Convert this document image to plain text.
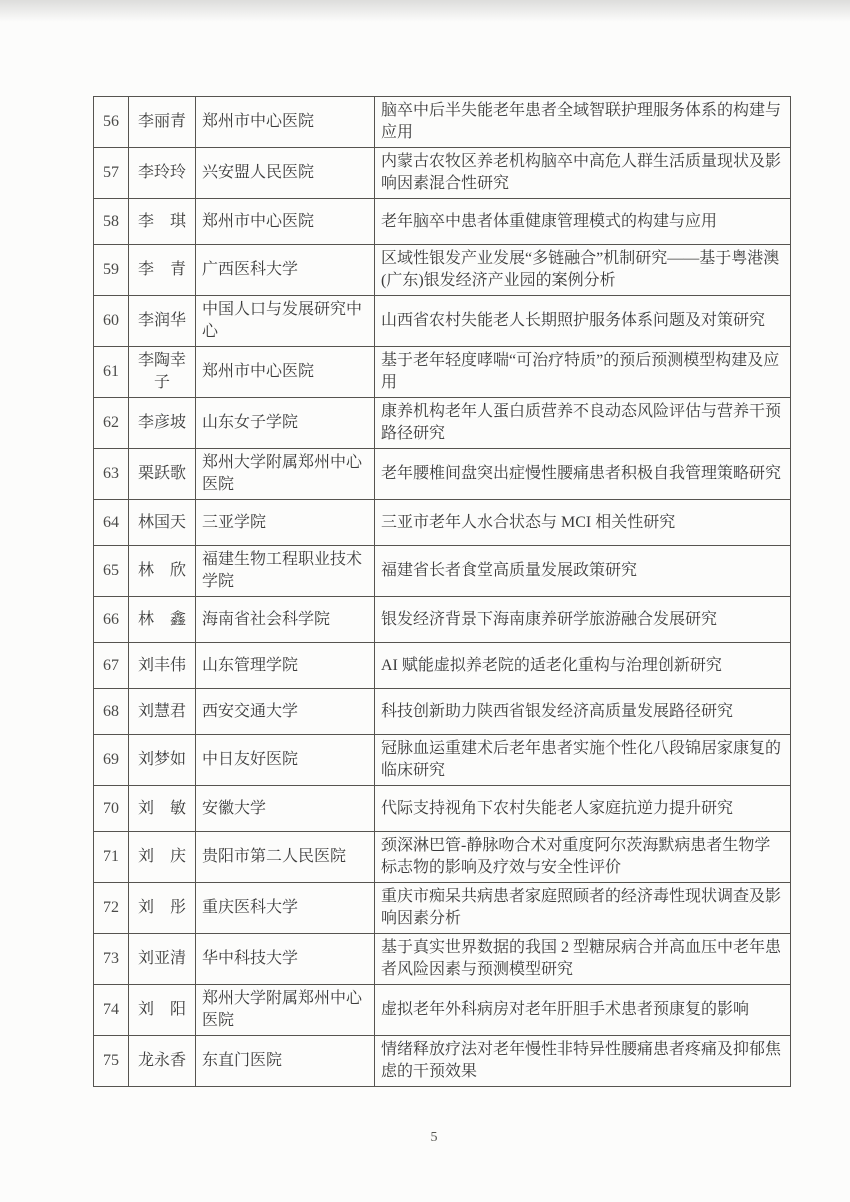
56	李丽青	郑州市中心医院	脑卒中后半失能老年患者全域智联护理服务体系的构建与应用
57	李玲玲	兴安盟人民医院	内蒙古农牧区养老机构脑卒中高危人群生活质量现状及影响因素混合性研究
58	李　琪	郑州市中心医院	老年脑卒中患者体重健康管理模式的构建与应用
59	李　青	广西医科大学	区域性银发产业发展“多链融合”机制研究——基于粤港澳(广东)银发经济产业园的案例分析
60	李润华	中国人口与发展研究中心	山西省农村失能老人长期照护服务体系问题及对策研究
61	李陶幸子	郑州市中心医院	基于老年轻度哮喘“可治疗特质”的预后预测模型构建及应用
62	李彦坡	山东女子学院	康养机构老年人蛋白质营养不良动态风险评估与营养干预路径研究
63	栗跃歌	郑州大学附属郑州中心医院	老年腰椎间盘突出症慢性腰痛患者积极自我管理策略研究
64	林国天	三亚学院	三亚市老年人水合状态与 MCI 相关性研究
65	林　欣	福建生物工程职业技术学院	福建省长者食堂高质量发展政策研究
66	林　鑫	海南省社会科学院	银发经济背景下海南康养研学旅游融合发展研究
67	刘丰伟	山东管理学院	AI 赋能虚拟养老院的适老化重构与治理创新研究
68	刘慧君	西安交通大学	科技创新助力陕西省银发经济高质量发展路径研究
69	刘梦如	中日友好医院	冠脉血运重建术后老年患者实施个性化八段锦居家康复的临床研究
70	刘　敏	安徽大学	代际支持视角下农村失能老人家庭抗逆力提升研究
71	刘　庆	贵阳市第二人民医院	颈深淋巴管-静脉吻合术对重度阿尔茨海默病患者生物学标志物的影响及疗效与安全性评价
72	刘　彤	重庆医科大学	重庆市痴呆共病患者家庭照顾者的经济毒性现状调查及影响因素分析
73	刘亚清	华中科技大学	基于真实世界数据的我国 2 型糖尿病合并高血压中老年患者风险因素与预测模型研究
74	刘　阳	郑州大学附属郑州中心医院	虚拟老年外科病房对老年肝胆手术患者预康复的影响
75	龙永香	东直门医院	情绪释放疗法对老年慢性非特异性腰痛患者疼痛及抑郁焦虑的干预效果
5
